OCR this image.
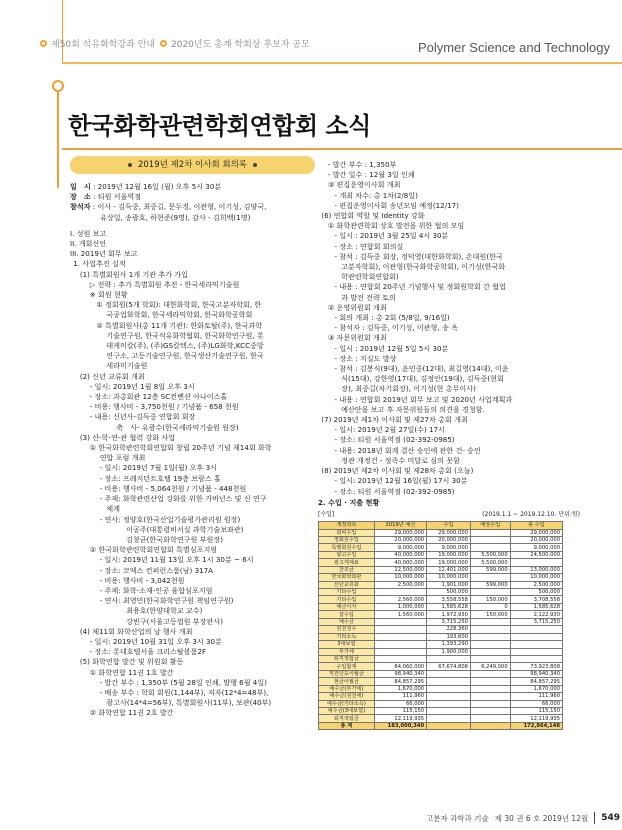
제50회 석유화학강좌 안내 2020년도 총계 학회상 후보자 공모	Polymer Science and Technology
한국화학관련학회연합회 소식
2019년 제2차 이사회 회의록
일　시 : 2019년 12월 16일 (월) 오후 5시 30분
장　소 : 티원 서울역점
참석자 : 이사 - 김득중, 최중길, 문두경, 이관형, 이기성, 김양국,
유상일, 송광호, 하현준(9명), 감사 - 김희백(1명)
I. 성원 보고
II. 개회선언
III. 2019년 회무 보고
1. 사업추진 실적
(1) 특별회원사 1개 기관 추가 가입
▷ 전략 : 추가 특별회원 추진 - 한국세라믹기술원
※ 회원 현황
① 정회원(5개 학회): 대한화학회, 한국고분자학회, 한
국공업화학회, 한국세라믹학회, 한국화학공학회
② 특별회원사(총 11개 기관): 한화토탈(주), 한국과학
기술연구원, 한국석유화학협회, 한국화학연구원, 롯
데케미칼(주), (주)GS칼텍스, (주)LG화학,KCC중앙
연구소, 고등기술연구원, 한국생산기술연구원, 한국
세라미기술원
(2) 신년 교류회 개최
- 일시: 2019년 1월 8일 오후 3시
- 장소: 과총회관 12층 SC컨벤션 아나이스홀
- 비용: 행사비 - 3,750천원 / 기념품 - 658 천원
- 내용: 신년사-김득중 연합회 회장
축　사- 유광수(한국세라믹기술원 원장)
(3) 산-학-연-관 협력 강화 사업
① 한국화학관련학회연합회 창립 20주년 기념 제14회 화학
연합 포럼 개최
- 일시: 2019년 7월 1일(월) 오후 3시
- 장소: 프레지던트호텔 19층 브람스 홀
- 비용: 행사비 - 5,064천원 / 기념품 - 448천원
- 주제: 화학관련산업 강화를 위한 거버넌스 및 신 연구
체계
- 연사: 정양호(한국산업기술평가관리원 원장)
이공주(대통령비서실 과학기술보좌관)
김창균(한국화학연구원 부원장)
② 한국화학관련학회연합회 특별심포지엄
- 일시: 2019년 11월 13일 오후 1시 30분 ~ 6시
- 장소: 코엑스 컨퍼런스룸(남) 317A
- 비용: 행사비 - 3,042천원
- 주제: 화학-소재-인공 융합심포지엄
- 연사: 최영민(한국화학연구원 책임연구원)
최용호(한양대학교 교수)
강빈구(서울고등법원 부장판사)
(4) 제11회 화학산업의 날 행사 개최
- 일시: 2019년 10월 31일 오후 3시 30분
- 장소: 롯데호텔서울 크리스탈볼룸2F
(5) 화학연합 발간 및 위원회 활동
① 화학연합 11권 1호 발간
- 발간 부수 : 1,350부 (5월 28일 인쇄, 발행 6월 4일)
- 배송 부수 : 학회 회원(1,144부), 저자(12*4=48부),
광고사(14*4=56부), 특별회원사(11부), 보관(40부)
② 화학연합 11권 2호 발간
- 발간 부수 : 1,350부
- 발간 일수 : 12월 3일 인쇄
③ 편집운영이사회 개최
- 개최 차수: 총 1차(2/8일)
- 편집운영이사회 송년모임 예정(12/17)
(6) 연합회 역할 및 Identity 강화
① 화학관련학회 상호 발전을 위한 협의 모임
- 일시 : 2019년 3월 25일 4시 30분
- 장소 : 연합회 회의실
- 참석 : 김득중 회장, 정덕영(대한화학회), 손대원(한국
고분자학회), 이관형(한국화학공학회), 이기성(한국화
학관련학회연합회)
- 내용 : 연합회 20주년 기념행사 및 정회원학회 간 협업
과 발전 전략 토의
② 운영위원회 개최
- 회의 개최 : 총 2회 (5/8일, 9/16일)
- 참석자 : 김득중, 이기성, 이관형, 송 옥
③ 자문위원회 개최
- 일시 : 2019년 12월 5일 5시 30분
- 장소 : 지실도 발상
- 참석 : 김봉식(9대), 윤민중(12대), 최길영(14대), 이윤
식(15대), 강한영(17대), 김정안(19대), 김득중(현회
장), 최중길(차기회장), 이기성(현 총무이사)
- 내용 : 연합회 2019년 회무 보고 및 2020년 사업계획과
예산안을 보고 후 자문위원들의 의견을 경청함.
(7) 2019년 제1차 이사회 및 제27차 총회 개최
- 일시: 2019년 2월 27일(수) 17시
- 장소: 티원 서울역점 (02-392-0985)
- 내용: 2018년 회계 결산 승인에 관한 건- 승인
정관 개정건 - 정족수 미달로 심의 못함
(8) 2019년 제2차 이사회 및 제28차 총회 (오늘)
- 일시: 2019년 12월 16일(월) 17시 30분
- 장소: 티원 서울역점 (02-392-0985)
2. 수입 · 지출 현황
[수입]	(2019.1.1 ~ 2019.12.10. 단위:원)
계정과목	2019년 예산	수입	예상수입	총 수입
회비수입	29,000,000	29,000,000		29,000,000
정회원수입	20,000,000	20,000,000		20,000,000
특별회원수입	9,000,000	9,000,000		9,000,000
광고수입	40,000,000	19,000,000	5,500,000	24,500,000
광고게재료	40,000,000	19,000,000	5,500,000	
찬조금	12,500,000	12,401,000	599,000	13,000,000
한국화학회관	10,000,000	10,000,000		10,000,000
신년교류회	2,500,000	1,901,000	599,000	2,500,000
기타수입		500,000		500,000
기타수입	2,560,000	3,558,558	150,000	3,708,558
예금이자	1,000,000	1,585,628	0	1,585,628
잡수입	1,560,000	1,972,930	150,000	2,122,930
예수금		3,715,250		3,715,250
원천징수		228,360		
기타소득		193,600		
3대보험		1,393,290		
부가세		1,900,000		
퇴직적립금				
수입합계	84,060,000	67,674,808	6,249,000	73,923,808
직전년도이월금	98,940,340			98,940,340
현금이월금	84,857,295			84,857,295
예수금(부가세)	1,670,000			1,670,000
예수금(원천세)	111,960			111,960
예수금(기타소득)	66,000			66,000
예수금(3대보험)	115,150			115,150
퇴직적립금	12,119,935			12,119,935
총 계	183,000,340			172,864,148
고분자 과학과 기술 제 30 권 6 호 2019년 12월 549
